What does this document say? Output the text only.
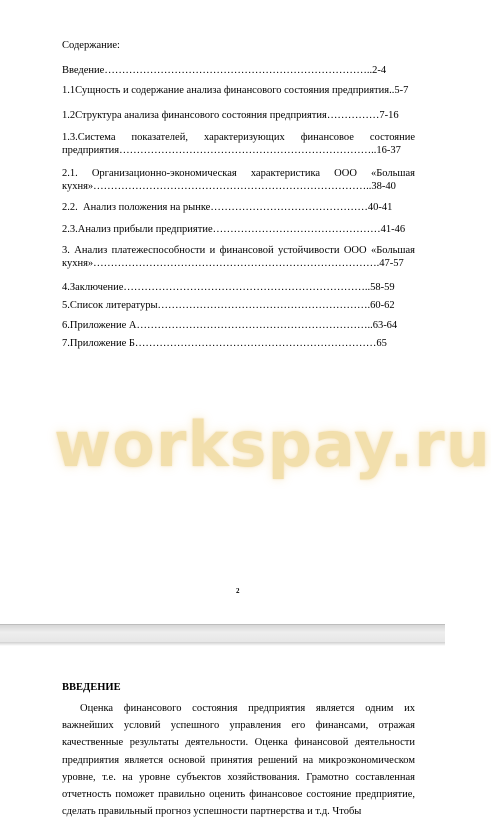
Содержание:
Введение…………………………………………………………………..2-4
1.1Сущность и содержание анализа финансового состояния предприятия..5-7
1.2Структура анализа финансового состояния предприятия……………7-16
1.3.Система показателей, характеризующих финансовое состояние
предприятия………………………………………………………………..16-37
2.1. Организационно-экономическая характеристика ООО «Большая
кухня»……………………………………………………………………..38-40
2.2.  Анализ положения на рынке………………………………………40-41
2.3.Анализ прибыли предприятие…………………………………………41-46
3. Анализ платежеспособности и финансовой устойчивости ООО «Большая
кухня»……………………………………………………………………….47-57
4.Заключение……………………………………………………………..58-59
5.Список литературы…………………………………………………….60-62
6.Приложение А…………………………………………………………..63-64
7.Приложение Б……………………………………………………………65
workspay.ru
2
ВВЕДЕНИЕ
Оценка финансового состояния предприятия является одним их важнейших условий успешного управления его финансами, отражая качественные результаты деятельности. Оценка финансовой деятельности предприятия является основой принятия решений на микроэкономическом уровне, т.е. на уровне субъектов хозяйствования. Грамотно составленная отчетность поможет правильно оценить финансовое состояние предприятие, сделать правильный прогноз успешности партнерства и т.д. Чтобы
